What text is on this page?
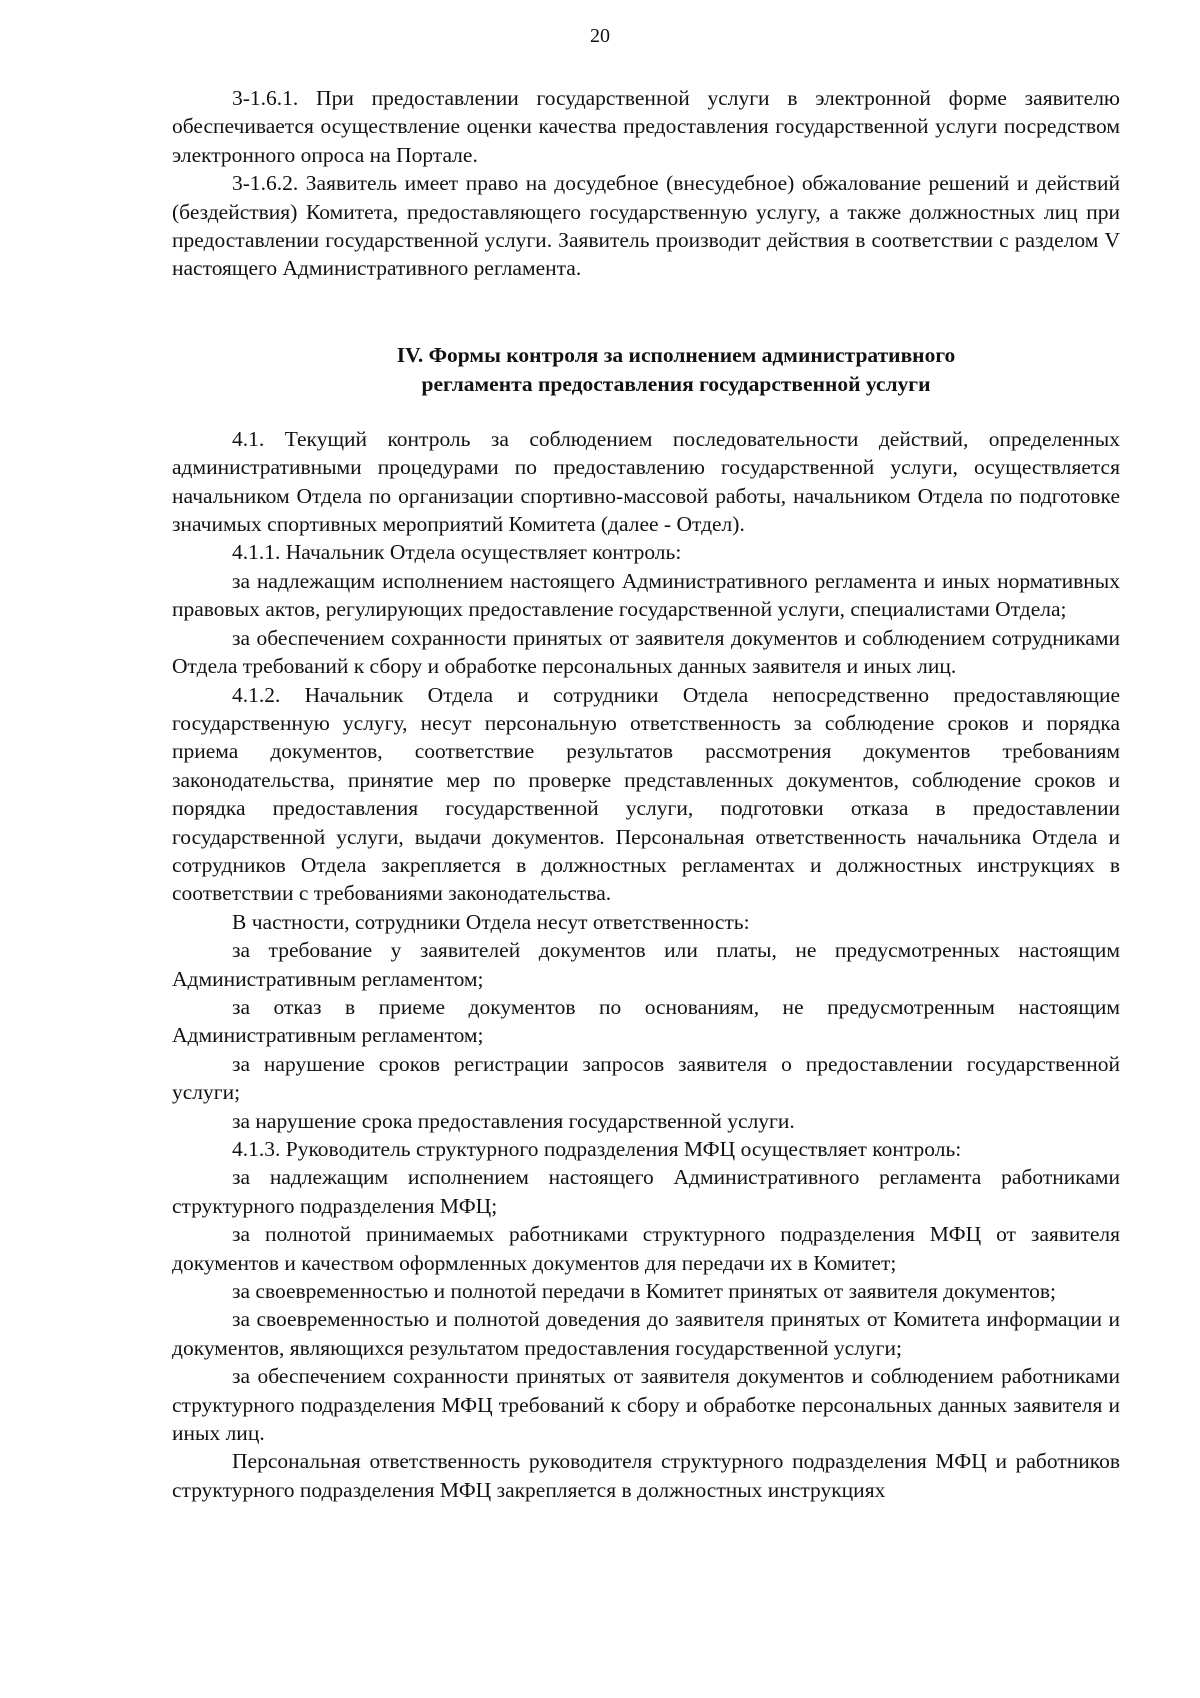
20

3-1.6.1. При предоставлении государственной услуги в электронной форме заявителю обеспечивается осуществление оценки качества предоставления государственной услуги посредством электронного опроса на Портале.

3-1.6.2. Заявитель имеет право на досудебное (внесудебное) обжалование решений и действий (бездействия) Комитета, предоставляющего государственную услугу, а также должностных лиц при предоставлении государственной услуги. Заявитель производит действия в соответствии с разделом V настоящего Административного регламента.

IV. Формы контроля за исполнением административного
регламента предоставления государственной услуги

4.1. Текущий контроль за соблюдением последовательности действий, определенных административными процедурами по предоставлению государственной услуги, осуществляется начальником Отдела по организации спортивно-массовой работы, начальником Отдела по подготовке значимых спортивных мероприятий Комитета (далее - Отдел).

4.1.1. Начальник Отдела осуществляет контроль:

за надлежащим исполнением настоящего Административного регламента и иных нормативных правовых актов, регулирующих предоставление государственной услуги, специалистами Отдела;

за обеспечением сохранности принятых от заявителя документов и соблюдением сотрудниками Отдела требований к сбору и обработке персональных данных заявителя и иных лиц.

4.1.2. Начальник Отдела и сотрудники Отдела непосредственно предоставляющие государственную услугу, несут персональную ответственность за соблюдение сроков и порядка приема документов, соответствие результатов рассмотрения документов требованиям законодательства, принятие мер по проверке представленных документов, соблюдение сроков и порядка предоставления государственной услуги, подготовки отказа в предоставлении государственной услуги, выдачи документов. Персональная ответственность начальника Отдела и сотрудников Отдела закрепляется в должностных регламентах и должностных инструкциях в соответствии с требованиями законодательства.

В частности, сотрудники Отдела несут ответственность:

за требование у заявителей документов или платы, не предусмотренных настоящим Административным регламентом;

за отказ в приеме документов по основаниям, не предусмотренным настоящим Административным регламентом;

за нарушение сроков регистрации запросов заявителя о предоставлении государственной услуги;

за нарушение срока предоставления государственной услуги.

4.1.3. Руководитель структурного подразделения МФЦ осуществляет контроль:

за надлежащим исполнением настоящего Административного регламента работниками структурного подразделения МФЦ;

за полнотой принимаемых работниками структурного подразделения МФЦ от заявителя документов и качеством оформленных документов для передачи их в Комитет;

за своевременностью и полнотой передачи в Комитет принятых от заявителя документов;

за своевременностью и полнотой доведения до заявителя принятых от Комитета информации и документов, являющихся результатом предоставления государственной услуги;

за обеспечением сохранности принятых от заявителя документов и соблюдением работниками структурного подразделения МФЦ требований к сбору и обработке персональных данных заявителя и иных лиц.

Персональная ответственность руководителя структурного подразделения МФЦ и работников структурного подразделения МФЦ закрепляется в должностных инструкциях
